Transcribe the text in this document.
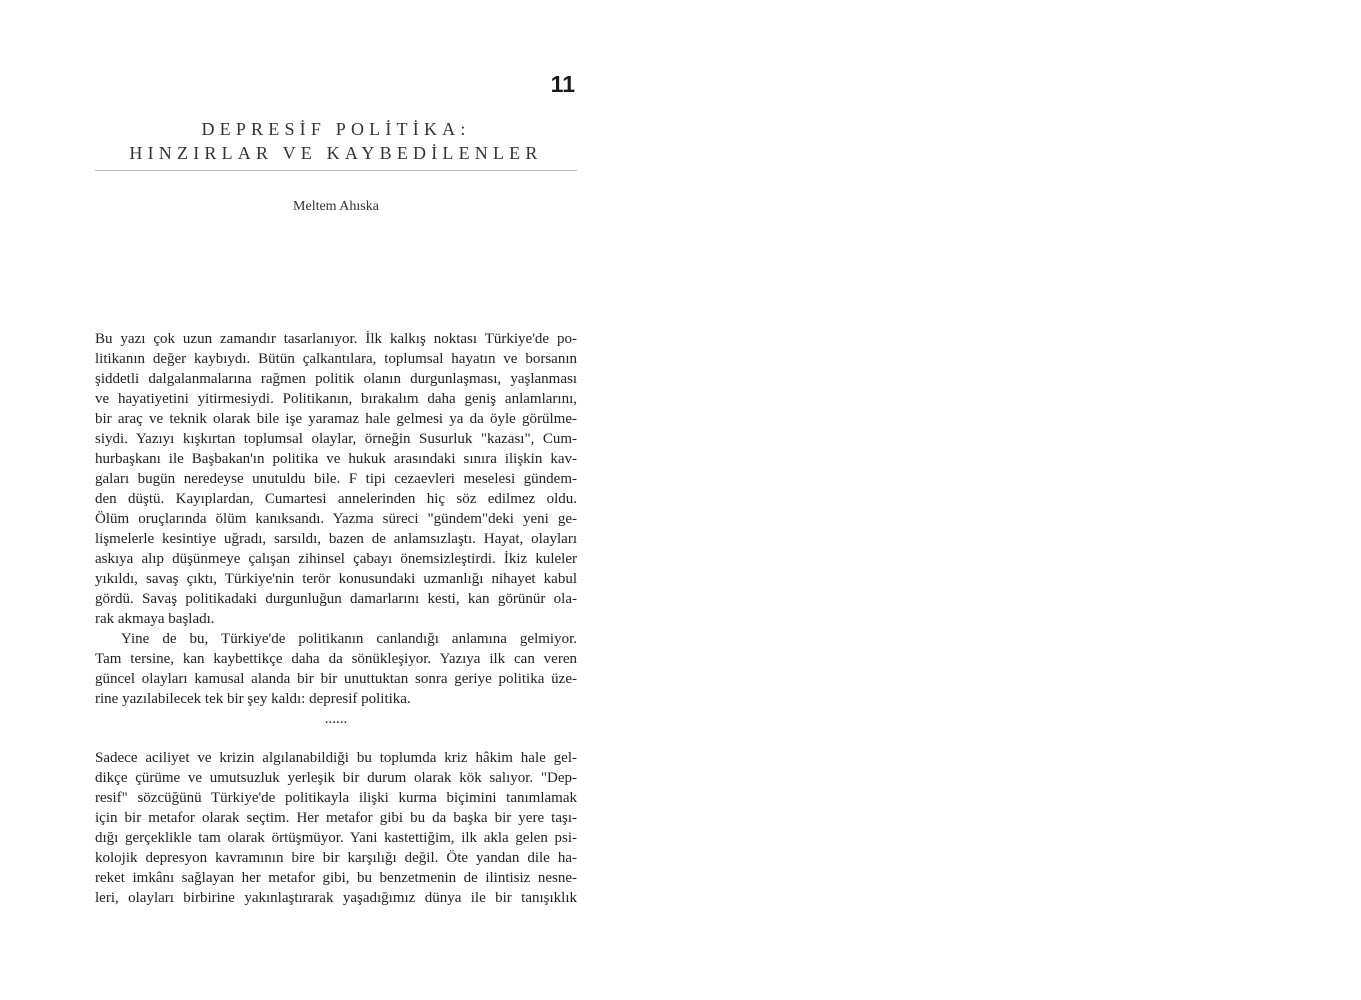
11
DEPRESİF POLİTİKA:
HINZIRLAR VE KAYBEDİLENLER
Meltem Ahıska
Bu yazı çok uzun zamandır tasarlanıyor. İlk kalkış noktası Türkiye'de po-
litikanın değer kaybıydı. Bütün çalkantılara, toplumsal hayatın ve borsanın
şiddetli dalgalanmalarına rağmen politik olanın durgunlaşması, yaşlanması
ve hayatiyetini yitirmesiydi. Politikanın, bırakalım daha geniş anlamlarını,
bir araç ve teknik olarak bile işe yaramaz hale gelmesi ya da öyle görülme-
siydi. Yazıyı kışkırtan toplumsal olaylar, örneğin Susurluk "kazası", Cum-
hurbaşkanı ile Başbakan'ın politika ve hukuk arasındaki sınıra ilişkin kav-
gaları bugün neredeyse unutuldu bile. F tipi cezaevleri meselesi gündem-
den düştü. Kayıplardan, Cumartesi annelerinden hiç söz edilmez oldu.
Ölüm oruçlarında ölüm kanıksandı. Yazma süreci "gündem"deki yeni ge-
lişmelerle kesintiye uğradı, sarsıldı, bazen de anlamsızlaştı. Hayat, olayları
askıya alıp düşünmeye çalışan zihinsel çabayı önemsizleştirdi. İkiz kuleler
yıkıldı, savaş çıktı, Türkiye'nin terör konusundaki uzmanlığı nihayet kabul
gördü. Savaş politikadaki durgunluğun damarlarını kesti, kan görünür ola-
rak akmaya başladı.
Yine de bu, Türkiye'de politikanın canlandığı anlamına gelmiyor.
Tam tersine, kan kaybettikçe daha da sönükleşiyor. Yazıya ilk can veren
güncel olayları kamusal alanda bir bir unuttuktan sonra geriye politika üze-
rine yazılabilecek tek bir şey kaldı: depresif politika.
......
Sadece aciliyet ve krizin algılanabildiği bu toplumda kriz hâkim hale gel-
dikçe çürüme ve umutsuzluk yerleşik bir durum olarak kök salıyor. "Dep-
resif" sözcüğünü Türkiye'de politikayla ilişki kurma biçimini tanımlamak
için bir metafor olarak seçtim. Her metafor gibi bu da başka bir yere taşı-
dığı gerçeklikle tam olarak örtüşmüyor. Yani kastettiğim, ilk akla gelen psi-
kolojik depresyon kavramının bire bir karşılığı değil. Öte yandan dile ha-
reket imkânı sağlayan her metafor gibi, bu benzetmenin de ilintisiz nesne-
leri, olayları birbirine yakınlaştırarak yaşadığımız dünya ile bir tanışıklık
